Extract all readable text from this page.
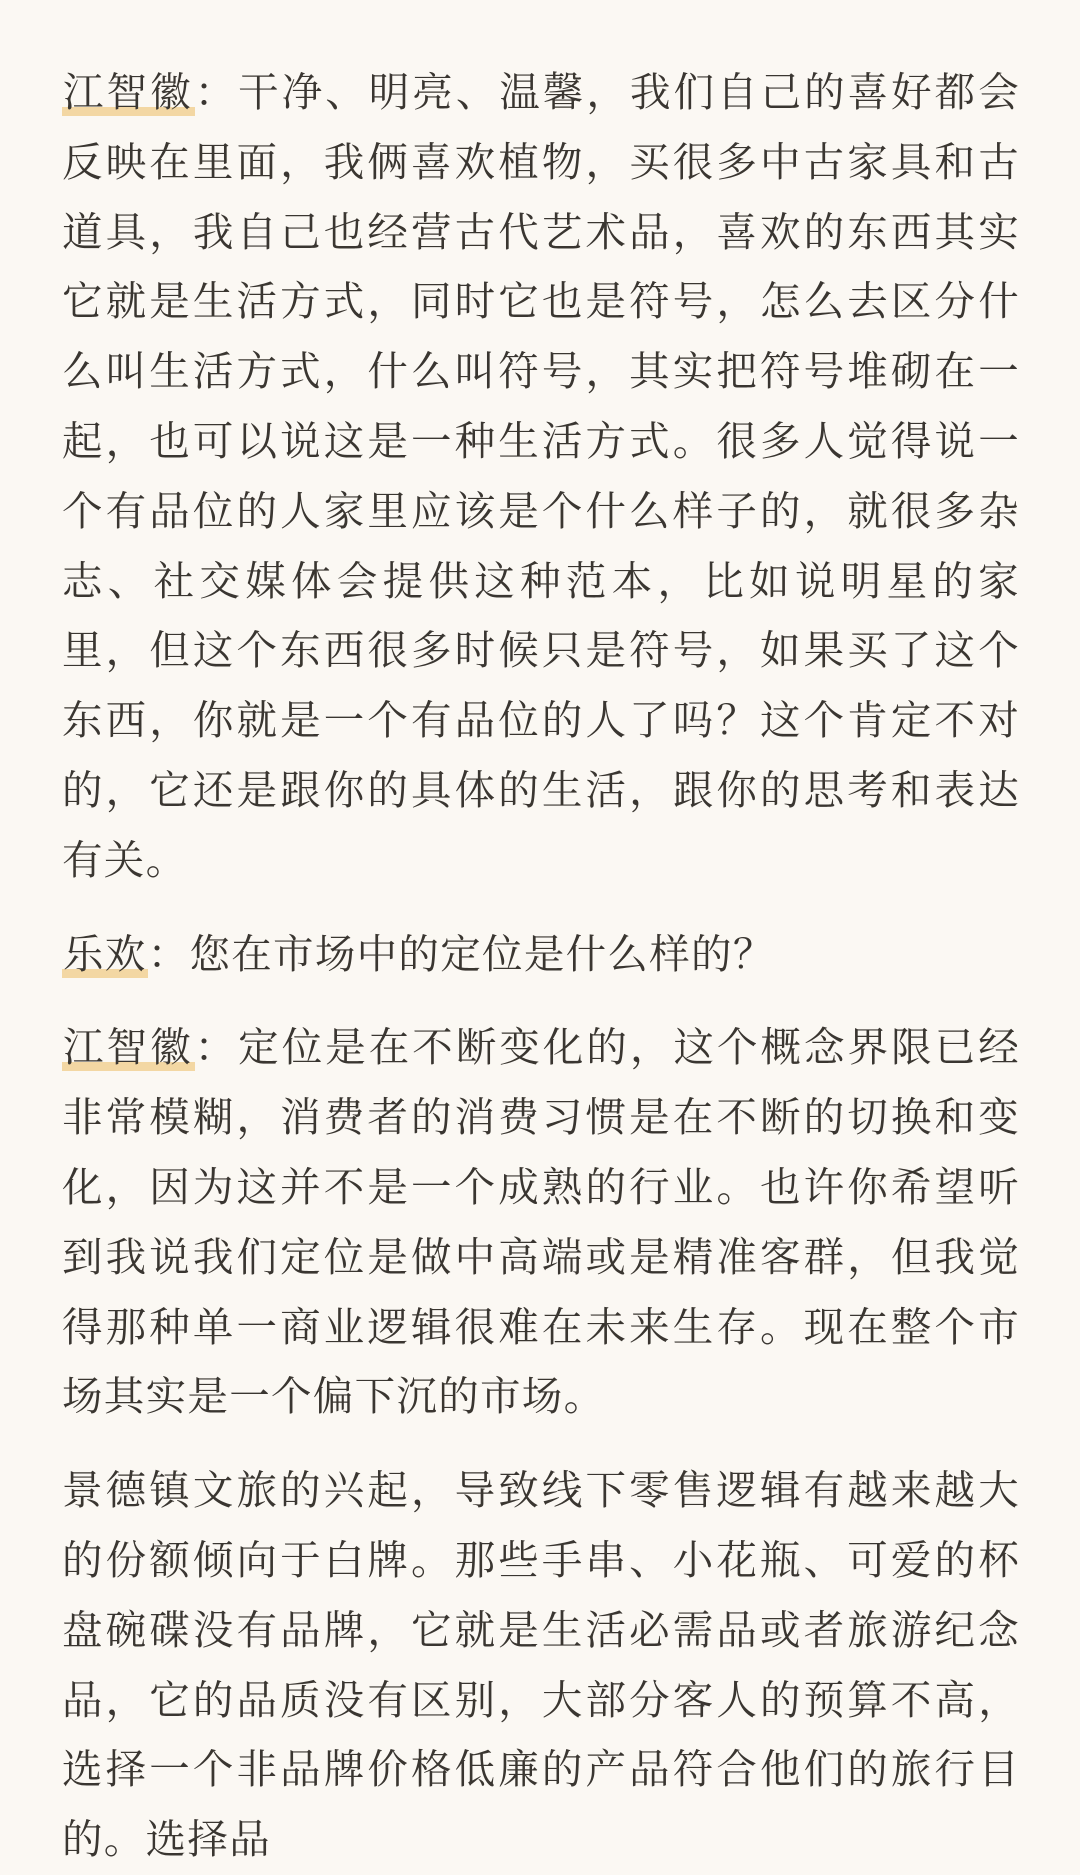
江智徽：干净、明亮、温馨，我们自己的喜好都会反映在里面，我俩喜欢植物，买很多中古家具和古道具，我自己也经营古代艺术品，喜欢的东西其实它就是生活方式，同时它也是符号，怎么去区分什么叫生活方式，什么叫符号，其实把符号堆砌在一起，也可以说这是一种生活方式。很多人觉得说一个有品位的人家里应该是个什么样子的，就很多杂志、社交媒体会提供这种范本，比如说明星的家里，但这个东西很多时候只是符号，如果买了这个东西，你就是一个有品位的人了吗？这个肯定不对的，它还是跟你的具体的生活，跟你的思考和表达有关。

乐欢：您在市场中的定位是什么样的？

江智徽：定位是在不断变化的，这个概念界限已经非常模糊，消费者的消费习惯是在不断的切换和变化，因为这并不是一个成熟的行业。也许你希望听到我说我们定位是做中高端或是精准客群，但我觉得那种单一商业逻辑很难在未来生存。现在整个市场其实是一个偏下沉的市场。

景德镇文旅的兴起，导致线下零售逻辑有越来越大的份额倾向于白牌。那些手串、小花瓶、可爱的杯盘碗碟没有品牌，它就是生活必需品或者旅游纪念品，它的品质没有区别，大部分客人的预算不高，选择一个非品牌价格低廉的产品符合他们的旅行目的。选择品
